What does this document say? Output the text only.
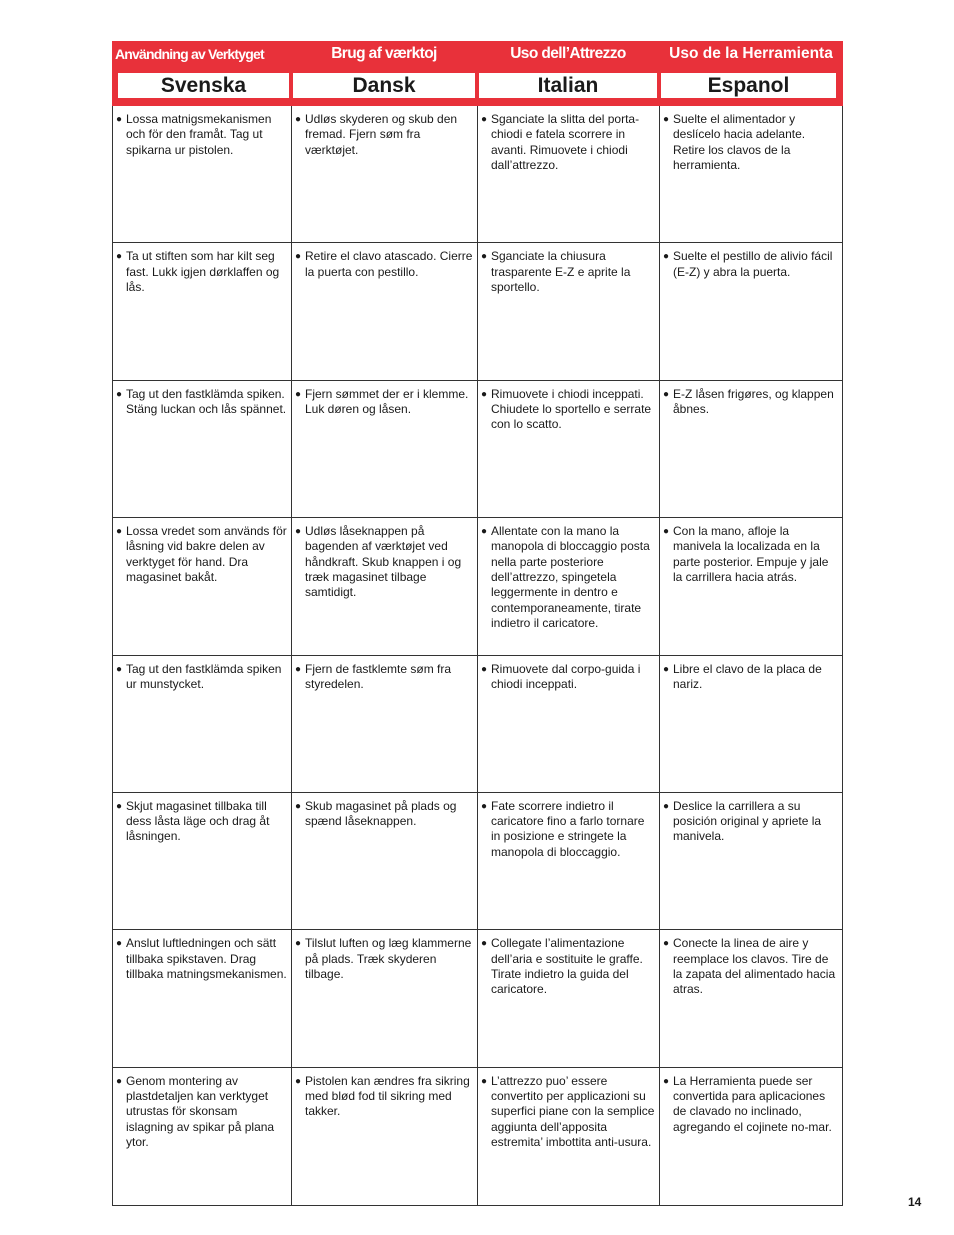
Användning av Verktyget
Svenska
Brug af værktoj
Dansk
Uso dell’Attrezzo
Italian
Uso de la Herramienta
Espanol
● Lossa matnigsmekanismen och för den framåt. Tag ut spikarna ur pistolen.
● Udløs skyderen og skub den fremad. Fjern søm fra værktøjet.
● Sganciate la slitta del porta-chiodi e fatela scorrere in avanti. Rimuovete i chiodi dall’attrezzo.
● Suelte el alimentador y deslícelo hacia adelante. Retire los clavos de la herramienta.
● Ta ut stiften som har kilt seg fast. Lukk igjen dørklaffen og lås.
● Retire el clavo atascado. Cierre la puerta con pestillo.
● Sganciate la chiusura trasparente E-Z e aprite la sportello.
● Suelte el pestillo de alivio fácil (E-Z) y abra la puerta.
● Tag ut den fastklämda spiken. Stäng luckan och lås spännet.
● Fjern sømmet der er i klemme. Luk døren og låsen.
● Rimuovete i chiodi inceppati. Chiudete lo sportello e serrate con lo scatto.
● E-Z låsen frigøres, og klappen åbnes.
● Lossa vredet som används för låsning vid bakre delen av verktyget för hand. Dra magasinet bakåt.
● Udløs låseknappen på bagenden af værktøjet ved håndkraft. Skub knappen i og træk magasinet tilbage samtidigt.
● Allentate con la mano la manopola di bloccaggio posta nella parte posteriore dell’attrezzo, spingetela leggermente in dentro e contemporaneamente, tirate indietro il caricatore.
● Con la mano, afloje la manivela la localizada en la parte posterior. Empuje y jale la carrillera hacia atrás.
● Tag ut den fastklämda spiken ur munstycket.
● Fjern de fastklemte søm fra styredelen.
● Rimuovete dal corpo-guida i chiodi inceppati.
● Libre el clavo de la placa de nariz.
● Skjut magasinet tillbaka till dess låsta läge och drag åt låsningen.
● Skub magasinet på plads og spænd låseknappen.
● Fate scorrere indietro il caricatore fino a farlo tornare in posizione e stringete la manopola di bloccaggio.
● Deslice la carrillera a su posición original y apriete la manivela.
● Anslut luftledningen och sätt tillbaka spikstaven. Drag tillbaka matningsmekanismen.
● Tilslut luften og læg klammerne på plads. Træk skyderen tilbage.
● Collegate l’alimentazione dell’aria e sostituite le graffe. Tirate indietro la guida del caricatore.
● Conecte la linea de aire y reemplace los clavos. Tire de la zapata del alimentado hacia atras.
● Genom montering av plastdetaljen kan verktyget utrustas för skonsam islagning av spikar på plana ytor.
● Pistolen kan ændres fra sikring med blød fod til sikring med takker.
● L’attrezzo puo’ essere convertito per applicazioni su superfici piane con la semplice aggiunta dell’apposita estremita’ imbottita anti-usura.
● La Herramienta puede ser convertida para aplicaciones de clavado no inclinado, agregando el cojinete no-mar.
14
